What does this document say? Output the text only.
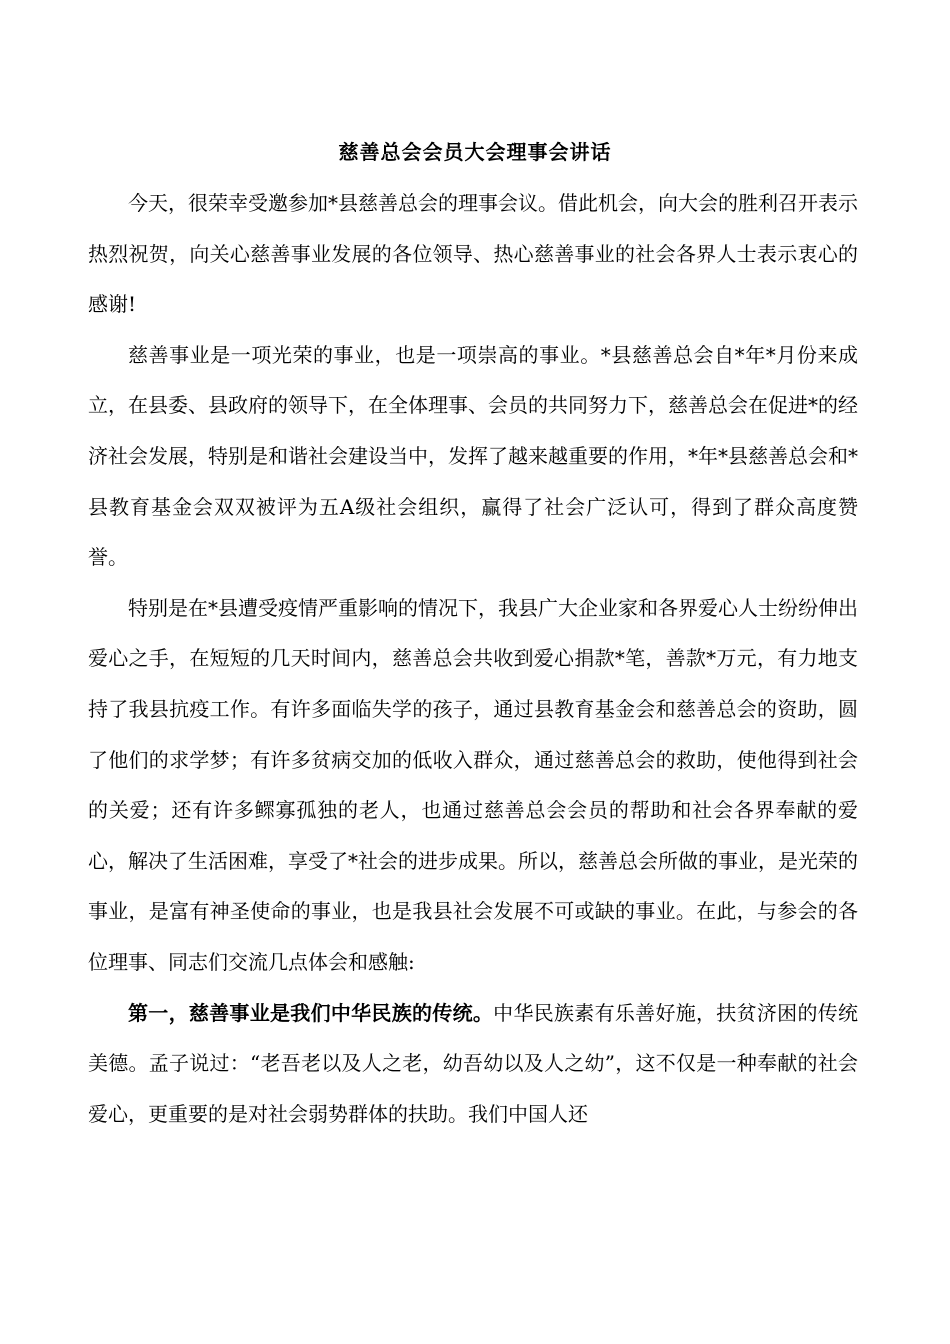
慈善总会会员大会理事会讲话

今天，很荣幸受邀参加*县慈善总会的理事会议。借此机会，向大会的胜利召开表示热烈祝贺，向关心慈善事业发展的各位领导、热心慈善事业的社会各界人士表示衷心的感谢!

慈善事业是一项光荣的事业，也是一项崇高的事业。*县慈善总会自*年*月份来成立，在县委、县政府的领导下，在全体理事、会员的共同努力下，慈善总会在促进*的经济社会发展，特别是和谐社会建设当中，发挥了越来越重要的作用，*年*县慈善总会和*县教育基金会双双被评为五A级社会组织，赢得了社会广泛认可，得到了群众高度赞誉。

特别是在*县遭受疫情严重影响的情况下，我县广大企业家和各界爱心人士纷纷伸出爱心之手，在短短的几天时间内，慈善总会共收到爱心捐款*笔，善款*万元，有力地支持了我县抗疫工作。有许多面临失学的孩子，通过县教育基金会和慈善总会的资助，圆了他们的求学梦；有许多贫病交加的低收入群众，通过慈善总会的救助，使他得到社会的关爱；还有许多鳏寡孤独的老人，也通过慈善总会会员的帮助和社会各界奉献的爱心，解决了生活困难，享受了*社会的进步成果。所以，慈善总会所做的事业，是光荣的事业，是富有神圣使命的事业，也是我县社会发展不可或缺的事业。在此，与参会的各位理事、同志们交流几点体会和感触:

第一，慈善事业是我们中华民族的传统。中华民族素有乐善好施，扶贫济困的传统美德。孟子说过：“老吾老以及人之老，幼吾幼以及人之幼”，这不仅是一种奉献的社会爱心，更重要的是对社会弱势群体的扶助。我们中国人还
